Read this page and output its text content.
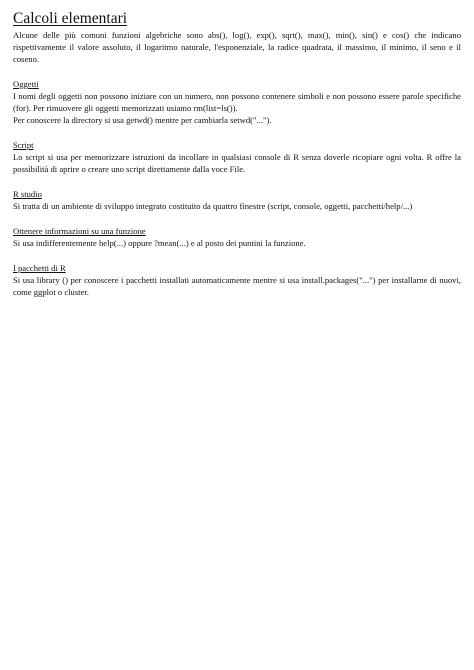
Calcoli elementari

Alcune delle più comuni funzioni algebriche sono abs(), log(), exp(), sqrt(), max(), min(), sin() e cos() che indicano rispettivamente il valore assoluto, il logaritmo naturale, l'esponenziale, la radice quadrata, il massimo, il minimo, il seno e il coseno.

Oggetti

I nomi degli oggetti non possono iniziare con un numero, non possono contenere simboli e non possono essere parole specifiche (for). Per rimuovere gli oggetti memorizzati usiamo rm(list=ls()).

Per conoscere la directory si usa getwd() mentre per cambiarla setwd("...").

Script

Lo script si usa per memorizzare istruzioni da incollare in qualsiasi console di R senza doverle ricopiare ogni volta. R offre la possibilità di aprire o creare uno script direttamente dalla voce File.

R studio

Si tratta di un ambiente di sviluppo integrato costituito da quattro finestre (script, console, oggetti, pacchetti/help/...)

Ottenere informazioni su una funzione

Si usa indifferentemente help(...) oppure ?mean(...) e al posto dei puntini la funzione.

I pacchetti di R

Si usa library () per conoscere i pacchetti installati automaticamente mentre si usa install.packages("...") per installarne di nuovi, come ggplot o cluster.
